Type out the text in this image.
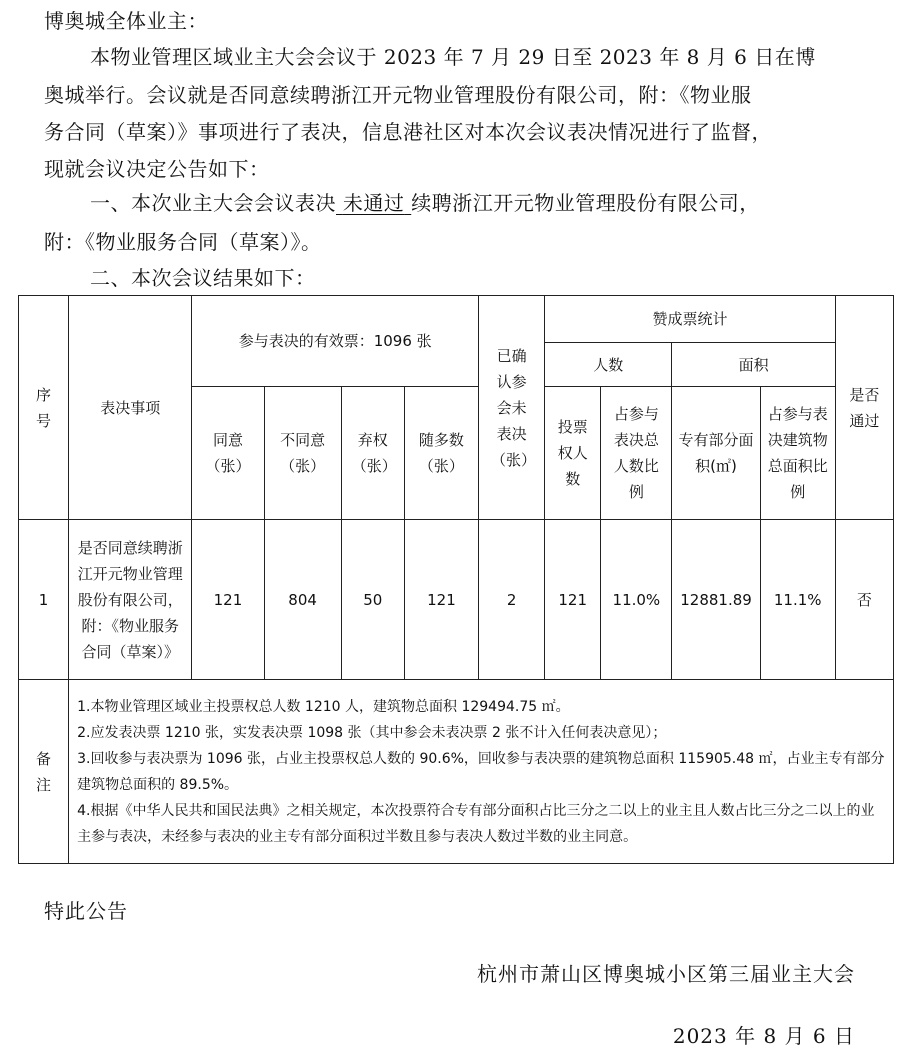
博奥城全体业主：
本物业管理区域业主大会会议于 2023 年 7 月 29 日至 2023 年 8 月 6 日在博
奥城举行。会议就是否同意续聘浙江开元物业管理股份有限公司，附：《物业服
务合同（草案）》事项进行了表决，信息港社区对本次会议表决情况进行了监督，
现就会议决定公告如下：
一、本次业主大会会议表决 未通过 续聘浙江开元物业管理股份有限公司，
附：《物业服务合同（草案）》。
二、本次会议结果如下：
序号	表决事项	参与表决的有效票：1096 张				已确认参会未表决（张）	赞成票统计				是否通过
							人数		面积		
		同意（张）	不同意（张）	弃权（张）	随多数（张）		投票权人数	占参与表决总人数比例	专有部分面积(㎡)	占参与表决建筑物总面积比例	
1	是否同意续聘浙江开元物业管理股份有限公司，附：《物业服务合同（草案）》	121	804	50	121	2	121	11.0%	12881.89	11.1%	否
备注	1.本物业管理区域业主投票权总人数 1210 人，建筑物总面积 129494.75 ㎡。
2.应发表决票 1210 张，实发表决票 1098 张（其中参会未表决票 2 张不计入任何表决意见）；
3.回收参与表决票为 1096 张，占业主投票权总人数的 90.6%，回收参与表决票的建筑物总面积 115905.48 ㎡，占业主专有部分建筑物总面积的 89.5%。
4.根据《中华人民共和国民法典》之相关规定，本次投票符合专有部分面积占比三分之二以上的业主且人数占比三分之二以上的业主参与表决，未经参与表决的业主专有部分面积过半数且参与表决人数过半数的业主同意。										
特此公告
杭州市萧山区博奥城小区第三届业主大会
2023 年 8 月 6 日
